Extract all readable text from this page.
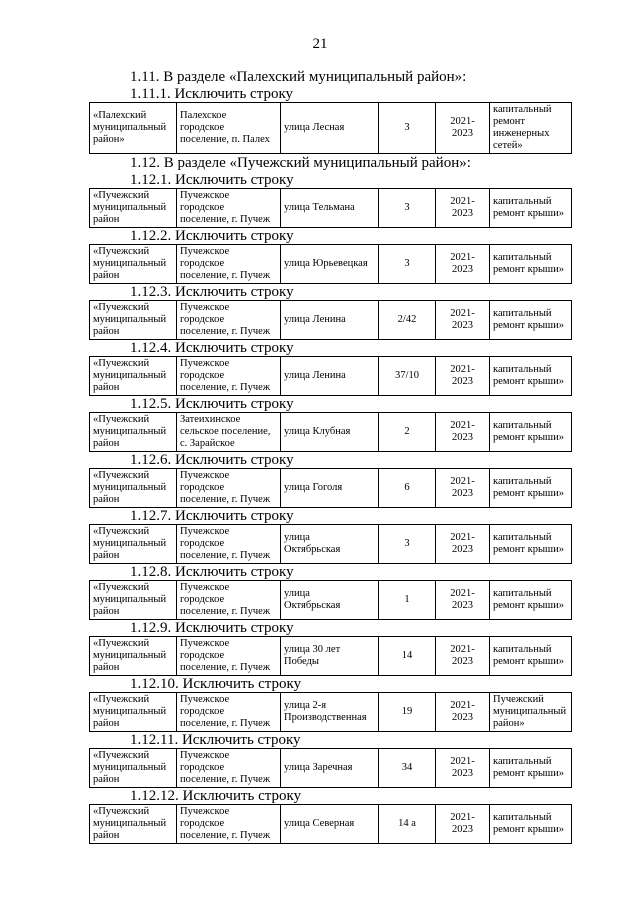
21
1.11. В разделе «Палехский муниципальный район»:
1.11.1. Исключить строку
«Палехский
муниципальный
район»

Палехское
городское
поселение, п. Палех

улица Лесная	3	
2021-
2023

капитальный
ремонт
инженерных
сетей»
1.12. В разделе «Пучежский муниципальный район»:
1.12.1. Исключить строку
«Пучежский
муниципальный
район

Пучежское
городское
поселение, г. Пучеж

улица Тельмана	3	
2021-
2023

капитальный
ремонт крыши»
1.12.2. Исключить строку
«Пучежский
муниципальный
район

Пучежское
городское
поселение, г. Пучеж

улица Юрьевецкая	3	
2021-
2023

капитальный
ремонт крыши»
1.12.3. Исключить строку
«Пучежский
муниципальный
район

Пучежское
городское
поселение, г. Пучеж

улица Ленина	2/42	
2021-
2023

капитальный
ремонт крыши»
1.12.4. Исключить строку
«Пучежский
муниципальный
район

Пучежское
городское
поселение, г. Пучеж

улица Ленина	37/10	
2021-
2023

капитальный
ремонт крыши»
1.12.5. Исключить строку
«Пучежский
муниципальный
район

Затеихинское
сельское поселение,
с. Зарайское

улица Клубная	2	
2021-
2023

капитальный
ремонт крыши»
1.12.6. Исключить строку
«Пучежский
муниципальный
район

Пучежское
городское
поселение, г. Пучеж

улица Гоголя	6	
2021-
2023

капитальный
ремонт крыши»
1.12.7. Исключить строку
«Пучежский
муниципальный
район

Пучежское
городское
поселение, г. Пучеж

улица
Октябрьская
	3	
2021-
2023

капитальный
ремонт крыши»
1.12.8. Исключить строку
«Пучежский
муниципальный
район

Пучежское
городское
поселение, г. Пучеж

улица
Октябрьская
	1	
2021-
2023

капитальный
ремонт крыши»
1.12.9. Исключить строку
«Пучежский
муниципальный
район

Пучежское
городское
поселение, г. Пучеж

улица 30 лет
Победы
	14	
2021-
2023

капитальный
ремонт крыши»
1.12.10. Исключить строку
«Пучежский
муниципальный
район

Пучежское
городское
поселение, г. Пучеж

улица 2-я
Производственная
	19	
2021-
2023

Пучежский
муниципальный
район»
1.12.11. Исключить строку
«Пучежский
муниципальный
район

Пучежское
городское
поселение, г. Пучеж

улица Заречная	34	
2021-
2023

капитальный
ремонт крыши»
1.12.12. Исключить строку
«Пучежский
муниципальный
район

Пучежское
городское
поселение, г. Пучеж

улица Северная	14 а	
2021-
2023

капитальный
ремонт крыши»
